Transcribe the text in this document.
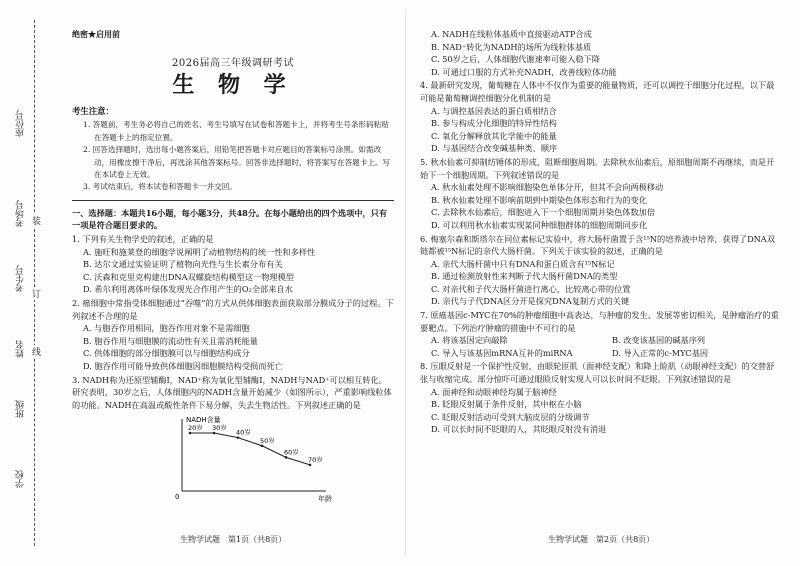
座位号
考场号
考生号
姓名
班级
学校
装
订
线
绝密★启用前
2026届高三年级调研考试
生 物 学
考生注意：
1. 答题前，考生务必将自己的姓名、考生号填写在试卷和答题卡上，并将考生号条形码粘贴在答题卡上的指定位置。
2. 回答选择题时，选出每小题答案后，用铅笔把答题卡对应题目的答案标号涂黑。如需改动，用橡皮擦干净后，再选涂其他答案标号。回答非选择题时，将答案写在答题卡上。写在本试卷上无效。
3. 考试结束后，将本试卷和答题卡一并交回。
一、选择题：本题共16小题，每小题3分，共48分。在每小题给出的四个选项中，只有一项是符合题目要求的。
1. 下列有关生物学史的叙述，正确的是
A. 施旺和施莱登的细胞学说阐明了动植物结构的统一性和多样性
B. 达尔文通过实验证明了植物向光性与生长素分布有关
C. 沃森和克里克构建出DNA双螺旋结构模型这一物理模型
D. 希尔利用离体叶绿体发现光合作用产生的O₂全部来自水
2. 癌细胞中常指受体细胞通过“吞噬”的方式从供体细胞表面获取部分膜成分子的过程。下列叙述不合理的是
A. 与胞吞作用相同，胞吞作用对象不是需细胞
B. 胞吞作用与细胞膜的流动性有关且需消耗能量
C. 供体细胞的部分细胞膜可以与细胞结构成分
D. 胞吞作用可能导致供体细胞因细胞膜结构受损而死亡
3. NADH称为还原型辅酶Ⅰ，NAD⁺称为氧化型辅酶Ⅰ，NADH与NAD⁺可以相互转化。研究表明，30岁之后，人体细胞内的NADH含量开始减少（如图所示），严重影响线粒体的功能。NADH在高温或酸性条件下易分解，失去生物活性。下列叙述正确的是
NADH含量
年龄
0
20岁 30岁
40岁
50岁
60岁
70岁
生物学试题　第1页（共8页）
A. NADH在线粒体基质中直接驱动ATP合成
B. NAD⁺转化为NADH的场所为线粒体基质
C. 50岁之后，人体细胞代谢速率可能入稳下降
D. 可通过口服的方式补充NADH，改善线粒体功能
4. 最新研究发现，葡萄糖在人体中不仅作为重要的能量物质，还可以调控干细胞分化过程，以下最可能是葡萄糖调控细胞分化机制的是
A. 与调控基因表达的蛋白质相结合
B. 参与构成分化细胞的特异性结构
C. 氧化分解释放其化学能中的能量
D. 与基因结合改变碱基种类、顺序
5. 秋水仙素可抑制纺锤体的形成，阻断细胞周期。去除秋水仙素后，原细胞周期不再继续，而是开始下一个细胞周期。下列叙述错误的是
A. 秋水仙素处理不影响细胞染色单体分开，但其不会向两极移动
B. 秋水仙素处理不影响前期到中期染色体形态和行为的变化
C. 去除秋水仙素后，细胞进入下一个细胞周期并染色体数加倍
D. 可以利用秋水仙素实现某同种细胞群体的细胞周期同步化
6. 梅塞尔森和斯塔尔在同位素标记实验中，将大肠杆菌置于含¹⁵N的培养液中培养，获得了DNA双链都被¹⁵N标记的亲代大肠杆菌。下列关于该实验的叙述，正确的是
A. 亲代大肠杆菌中只有DNA和蛋白质含有¹⁵N标记
B. 通过检测放射性来判断子代大肠杆菌DNA的类型
C. 对亲代和子代大肠杆菌进行离心，比较离心带的位置
D. 亲代与子代DNA区分开是探究DNA复制方式的关键
7. 原癌基因c-MYC在70%的肿瘤细胞中高表达，与肿瘤的发生、发展等密切相关，是肿瘤治疗的重要靶点。下列治疗肿瘤的措施中不可行的是
A. 将该基因定向敲除	B. 改变该基因的碱基序列
C. 导入与该基因mRNA互补的miRNA	D. 导入正常的c-MYC基因
8. 压眼反射是一个保护性反射，由眼轮匝肌（面神经支配）和降上睑肌（动眼神经支配）的交替舒张与收缩完成。部分惊吓可通过眼睑反射实现人可以长时间不眨眼。下列叙述错误的是
A. 面神经和动眼神经均属于脑神经
B. 眨眼反射属于条件反射，其中枢在小脑
C. 眨眼反射活动可受到大脑皮层的分级调节
D. 可以长时间不眨眼的人，其眨眼反射没有消退
生物学试题　第2页（共8页）
